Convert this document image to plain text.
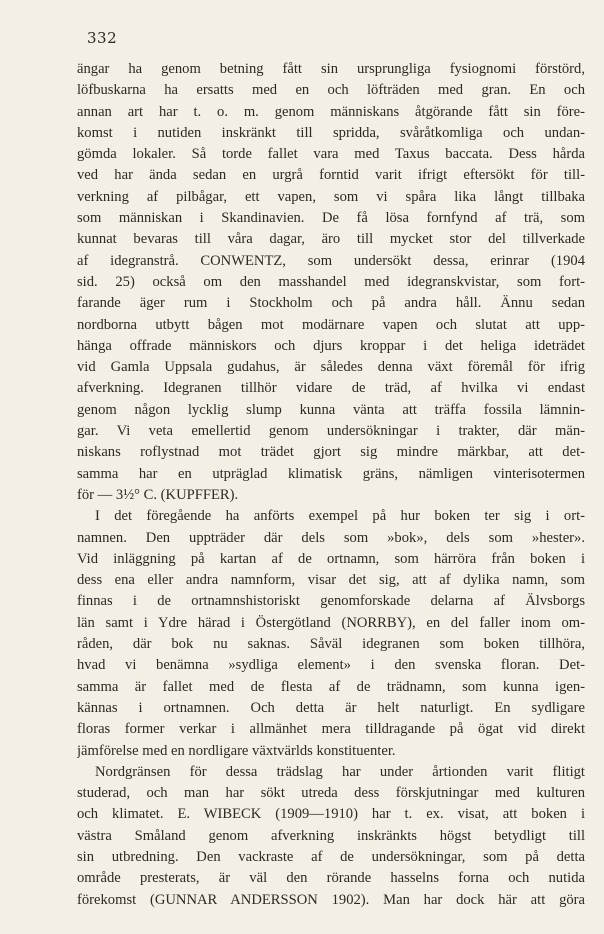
332
ängar ha genom betning fått sin ursprungliga fysiognomi förstörd,
löfbuskarna ha ersatts med en och löfträden med gran. En och
annan art har t. o. m. genom människans åtgörande fått sin före-
komst i nutiden inskränkt till spridda, svåråtkomliga och undan-
gömda lokaler. Så torde fallet vara med Taxus baccata. Dess hårda
ved har ända sedan en urgrå forntid varit ifrigt eftersökt för till-
verkning af pilbågar, ett vapen, som vi spåra lika långt tillbaka
som människan i Skandinavien. De få lösa fornfynd af trä, som
kunnat bevaras till våra dagar, äro till mycket stor del tillverkade
af idegranstrå. CONWENTZ, som undersökt dessa, erinrar (1904
sid. 25) också om den masshandel med idegranskvistar, som fort-
farande äger rum i Stockholm och på andra håll. Ännu sedan
nordborna utbytt bågen mot modärnare vapen och slutat att upp-
hänga offrade människors och djurs kroppar i det heliga ideträdet
vid Gamla Uppsala gudahus, är således denna växt föremål för ifrig
afverkning. Idegranen tillhör vidare de träd, af hvilka vi endast
genom någon lycklig slump kunna vänta att träffa fossila lämnin-
gar. Vi veta emellertid genom undersökningar i trakter, där män-
niskans roflystnad mot trädet gjort sig mindre märkbar, att det-
samma har en utpräglad klimatisk gräns, nämligen vinterisotermen
för — 3½° C. (KUPFFER).
I det föregående ha anförts exempel på hur boken ter sig i ort-
namnen. Den uppträder där dels som »bok», dels som »hester».
Vid inläggning på kartan af de ortnamn, som härröra från boken i
dess ena eller andra namnform, visar det sig, att af dylika namn, som
finnas i de ortnamnshistoriskt genomforskade delarna af Älvsborgs
län samt i Ydre härad i Östergötland (NORRBY), en del faller inom om-
råden, där bok nu saknas. Såväl idegranen som boken tillhöra,
hvad vi benämna »sydliga element» i den svenska floran. Det-
samma är fallet med de flesta af de trädnamn, som kunna igen-
kännas i ortnamnen. Och detta är helt naturligt. En sydligare
floras former verkar i allmänhet mera tilldragande på ögat vid direkt
jämförelse med en nordligare växtvärlds konstituenter.
Nordgränsen för dessa trädslag har under årtionden varit flitigt
studerad, och man har sökt utreda dess förskjutningar med kulturen
och klimatet. E. WIBECK (1909—1910) har t. ex. visat, att boken i
västra Småland genom afverkning inskränkts högst betydligt till
sin utbredning. Den vackraste af de undersökningar, som på detta
område presterats, är väl den rörande hasselns forna och nutida
förekomst (GUNNAR ANDERSSON 1902). Man har dock här att göra
